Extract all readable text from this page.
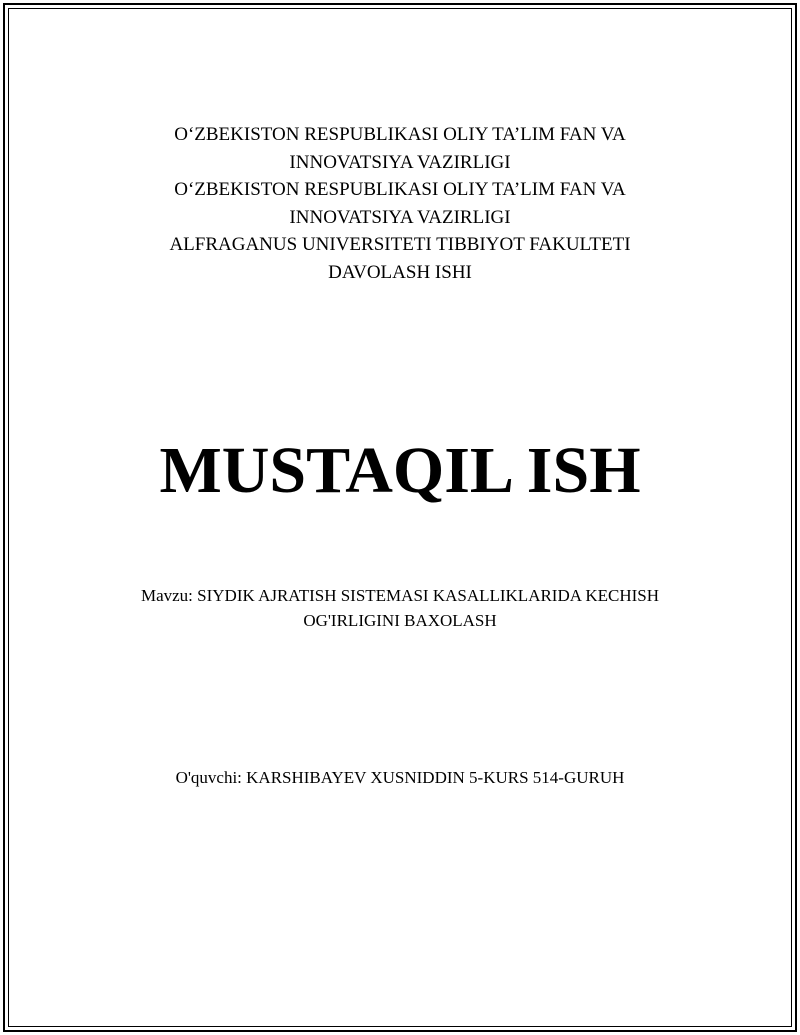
O‘ZBEKISTON RESPUBLIKASI OLIY TA’LIM FAN VA
INNOVATSIYA VAZIRLIGI
O‘ZBEKISTON RESPUBLIKASI OLIY TA’LIM FAN VA
INNOVATSIYA VAZIRLIGI
ALFRAGANUS UNIVERSITETI TIBBIYOT FAKULTETI
DAVOLASH ISHI
MUSTAQIL ISH
Mavzu: SIYDIK AJRATISH SISTEMASI KASALLIKLARIDA KECHISH
OG'IRLIGINI BAXOLASH
O'quvchi: KARSHIBAYEV XUSNIDDIN 5-KURS 514-GURUH
